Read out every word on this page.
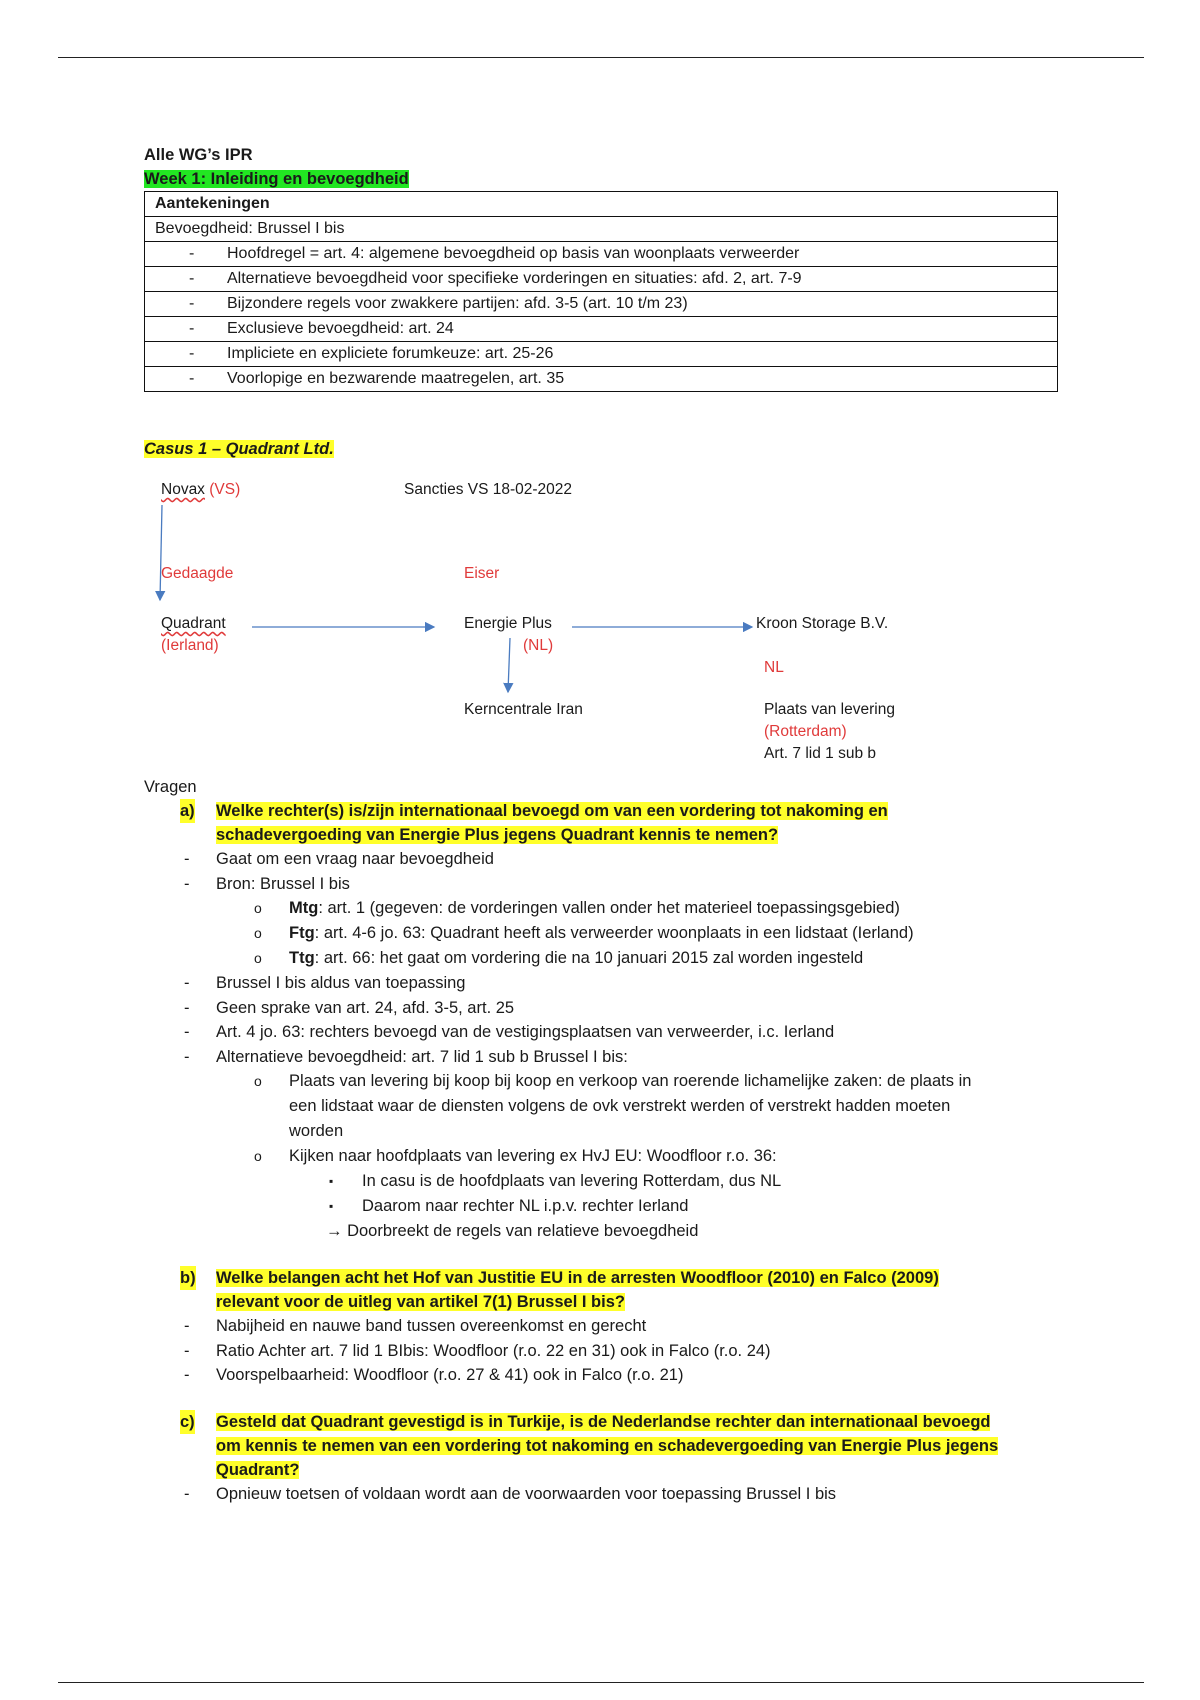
Alle WG’s IPR
Week 1: Inleiding en bevoegdheid
Aantekeningen
Bevoegdheid: Brussel I bis
- Hoofdregel = art. 4: algemene bevoegdheid op basis van woonplaats verweerder
- Alternatieve bevoegdheid voor specifieke vorderingen en situaties: afd. 2, art. 7-9
- Bijzondere regels voor zwakkere partijen: afd. 3-5 (art. 10 t/m 23)
- Exclusieve bevoegdheid: art. 24
- Impliciete en expliciete forumkeuze: art. 25-26
- Voorlopige en bezwarende maatregelen, art. 35
Casus 1 – Quadrant Ltd.
Novax (VS)	Sancties VS 18-02-2022
Gedaagde	Eiser
Quadrant
(Ierland)
Energie Plus
(NL)
Kroon Storage B.V.
NL
Kerncentrale Iran	Plaats van levering
(Rotterdam)
Art. 7 lid 1 sub b
Vragen
a) Welke rechter(s) is/zijn internationaal bevoegd om van een vordering tot nakoming en
schadevergoeding van Energie Plus jegens Quadrant kennis te nemen?
- Gaat om een vraag naar bevoegdheid
- Bron: Brussel I bis
o Mtg: art. 1 (gegeven: de vorderingen vallen onder het materieel toepassingsgebied)
o Ftg: art. 4-6 jo. 63: Quadrant heeft als verweerder woonplaats in een lidstaat (Ierland)
o Ttg: art. 66: het gaat om vordering die na 10 januari 2015 zal worden ingesteld
- Brussel I bis aldus van toepassing
- Geen sprake van art. 24, afd. 3-5, art. 25
- Art. 4 jo. 63: rechters bevoegd van de vestigingsplaatsen van verweerder, i.c. Ierland
- Alternatieve bevoegdheid: art. 7 lid 1 sub b Brussel I bis:
o Plaats van levering bij koop bij koop en verkoop van roerende lichamelijke zaken: de plaats in
een lidstaat waar de diensten volgens de ovk verstrekt werden of verstrekt hadden moeten
worden
o Kijken naar hoofdplaats van levering ex HvJ EU: Woodfloor r.o. 36:
▪ In casu is de hoofdplaats van levering Rotterdam, dus NL
▪ Daarom naar rechter NL i.p.v. rechter Ierland
→ Doorbreekt de regels van relatieve bevoegdheid
b) Welke belangen acht het Hof van Justitie EU in de arresten Woodfloor (2010) en Falco (2009)
relevant voor de uitleg van artikel 7(1) Brussel I bis?
- Nabijheid en nauwe band tussen overeenkomst en gerecht
- Ratio Achter art. 7 lid 1 BIbis: Woodfloor (r.o. 22 en 31) ook in Falco (r.o. 24)
- Voorspelbaarheid: Woodfloor (r.o. 27 & 41) ook in Falco (r.o. 21)
c) Gesteld dat Quadrant gevestigd is in Turkije, is de Nederlandse rechter dan internationaal bevoegd
om kennis te nemen van een vordering tot nakoming en schadevergoeding van Energie Plus jegens
Quadrant?
- Opnieuw toetsen of voldaan wordt aan de voorwaarden voor toepassing Brussel I bis
